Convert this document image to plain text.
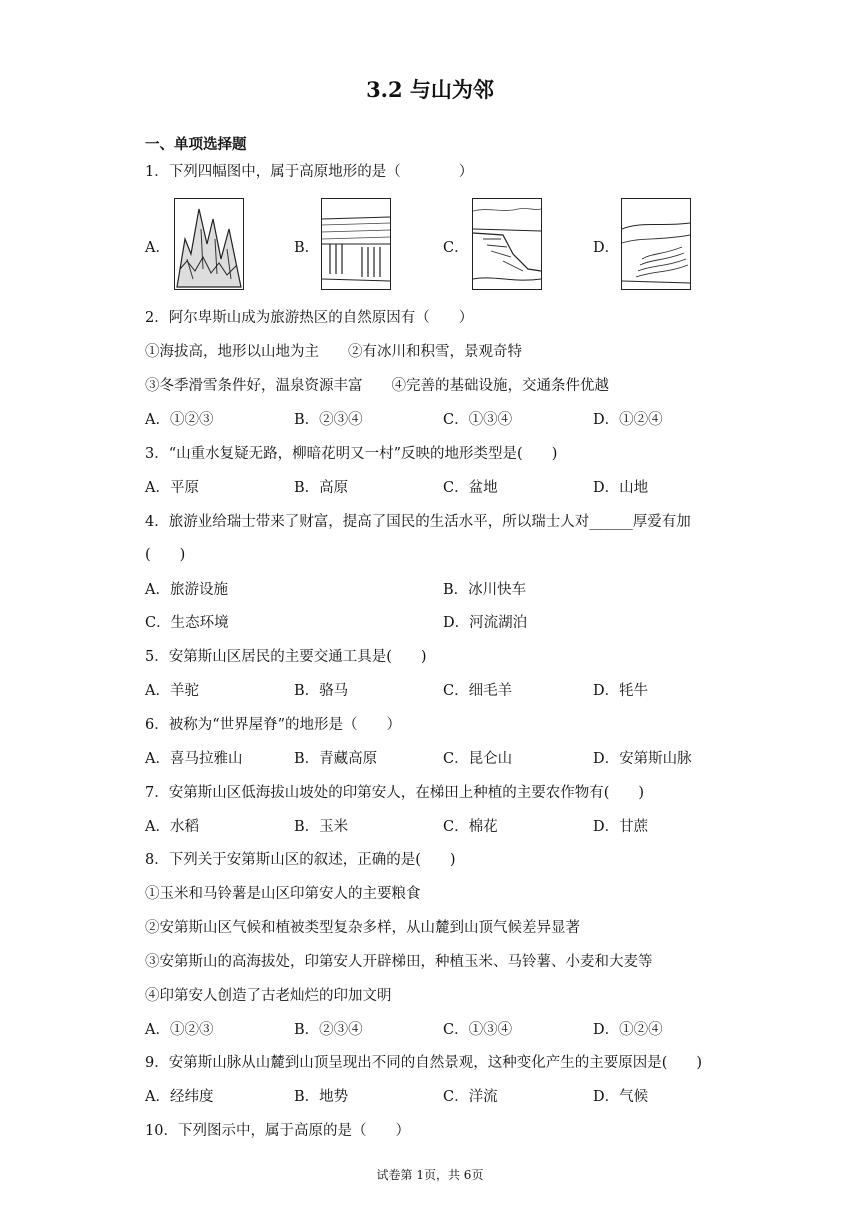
3.2 与山为邻
一、单项选择题
1．下列四幅图中，属于高原地形的是（　　　　）
A．	B．	C．	D．
2．阿尔卑斯山成为旅游热区的自然原因有（　　）
①海拔高，地形以山地为主　　②有冰川和积雪，景观奇特
③冬季滑雪条件好，温泉资源丰富　　④完善的基础设施，交通条件优越
A．①②③	B．②③④	C．①③④	D．①②④
3．“山重水复疑无路，柳暗花明又一村”反映的地形类型是(　　)
A．平原	B．高原	C．盆地	D．山地
4．旅游业给瑞士带来了财富，提高了国民的生活水平，所以瑞士人对______厚爱有加
(　　)
A．旅游设施	B．冰川快车
C．生态环境	D．河流湖泊
5．安第斯山区居民的主要交通工具是(　　)
A．羊驼	B．骆马	C．细毛羊	D．牦牛
6．被称为“世界屋脊”的地形是（　　）
A．喜马拉雅山	B．青藏高原	C．昆仑山	D．安第斯山脉
7．安第斯山区低海拔山坡处的印第安人，在梯田上种植的主要农作物有(　　)
A．水稻	B．玉米	C．棉花	D．甘蔗
8．下列关于安第斯山区的叙述，正确的是(　　)
①玉米和马铃薯是山区印第安人的主要粮食
②安第斯山区气候和植被类型复杂多样，从山麓到山顶气候差异显著
③安第斯山的高海拔处，印第安人开辟梯田，种植玉米、马铃薯、小麦和大麦等
④印第安人创造了古老灿烂的印加文明
A．①②③	B．②③④	C．①③④	D．①②④
9．安第斯山脉从山麓到山顶呈现出不同的自然景观，这种变化产生的主要原因是(　　)
A．经纬度	B．地势	C．洋流	D．气候
10．下列图示中，属于高原的是（　　）
试卷第 1页，共 6页
